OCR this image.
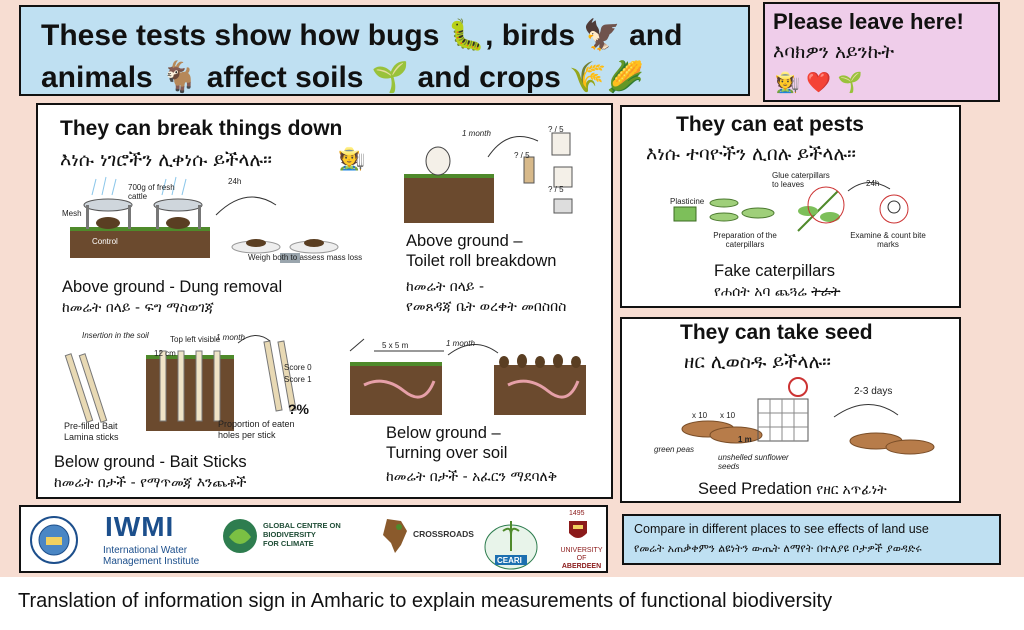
These tests show how bugs 🐛, birds 🦅 and
animals 🐐 affect soils 🌱 and crops 🌾🌽
Please leave here!
እባክዎን አይንኩት
🧑‍🌾 ❤️ 🌱
They can break things down
እነሱ ነገሮችን ሊቀነሱ ይችላሉ።	🧑‍🌾
24h
700g of fresh cattle
Mesh
Control
Weigh both to assess mass loss
Above ground - Dung removal
ከመሬት በላይ - ፍግ ማስወገጃ
1 month	? / 5
? / 5
? / 5
Above ground –
Toilet roll breakdown
ከመሬት በላይ -
የመጸዳጃ ቤት ወረቀት መበስበስ
Insertion in the soil	Top left visible
1 month
12 cm
Score 0
Score 1
Pre-filled Bait Lamina sticks
Proportion of eaten holes per stick
?%
Below ground - Bait Sticks
ከመሬት በታች - የማጥመጃ እንጨቶች
5 x 5 m	1 month
Below ground –
Turning over soil
ከመሬት በታች - አፈርን ማደባለቅ
They can eat pests
እነሱ ተባዮችን ሊበሉ ይችላሉ።
Plasticine
Glue caterpillars to leaves	24h
Preparation of the caterpillars
Examine & count bite marks
Fake caterpillars
የሐሰት አባ ጨጓሬ ትራት
They can take seed
ዘር ሊወስዱ ይችላሉ።
2-3 days
x 10 x 10
green peas
unshelled sunflower seeds
1 m
Seed Predation የዘር አጥፊነት
IWMI
International Water
Management Institute
GLOBAL CENTRE ON
BIODIVERSITY
FOR CLIMATE
CROSSROADS
CEARI
1495
UNIVERSITY OF
ABERDEEN
Compare in different places to see effects of land use
የመሬት አጠቃቀምን ልዩነትን ውጤት ለማየት በተለያዩ ቦታዎች ያወዳድሩ
Translation of information sign in Amharic to explain measurements of functional biodiversity
